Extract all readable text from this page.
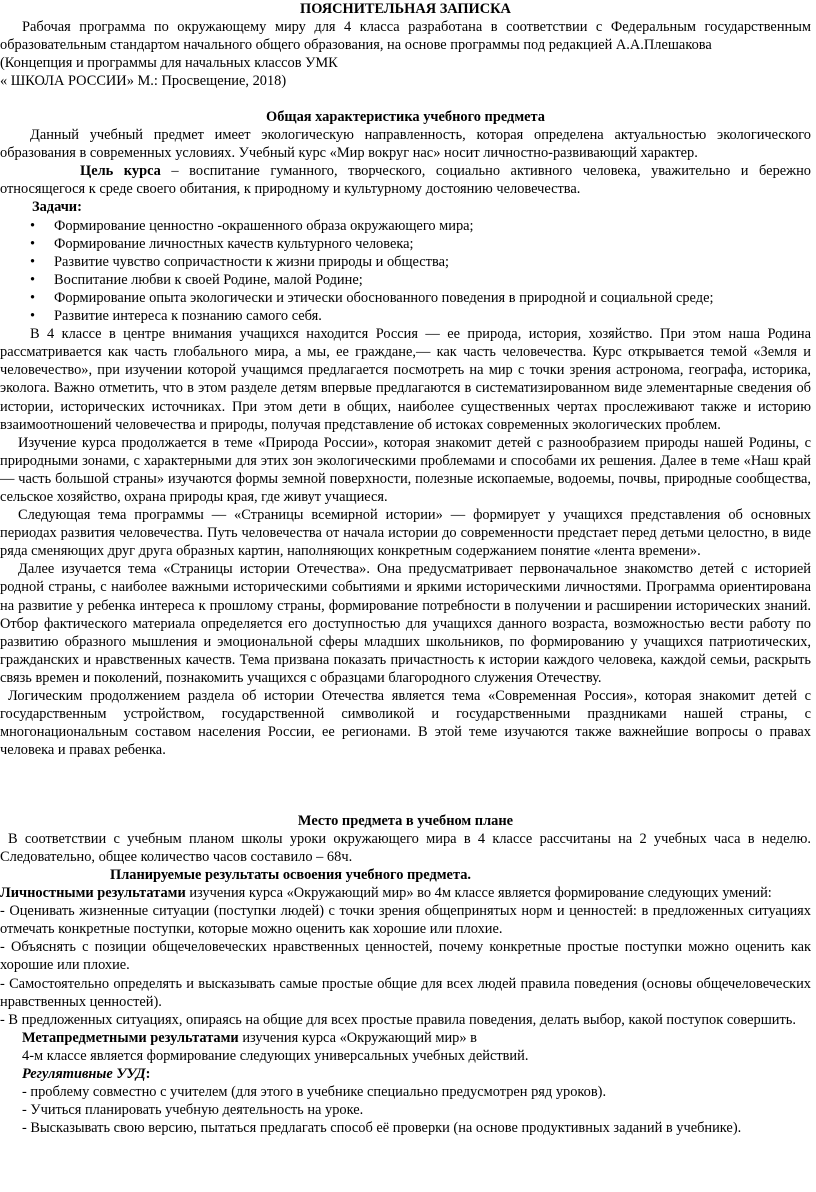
ПОЯСНИТЕЛЬНАЯ ЗАПИСКА

Рабочая программа по окружающему миру для 4 класса разработана в соответствии с Федеральным государственным образовательным стандартом начального общего образования, на основе программы под редакцией А.А.Плешакова

(Концепция и программы для начальных классов УМК

« ШКОЛА РОССИИ» М.: Просвещение, 2018)

Общая характеристика учебного предмета

Данный учебный предмет имеет экологическую направленность, которая определена актуальностью экологического образования в современных условиях. Учебный курс «Мир вокруг нас» носит личностно-развивающий характер.

Цель курса – воспитание гуманного, творческого, социально активного человека, уважительно и бережно относящегося к среде своего обитания, к природному и культурному достоянию человечества.

Задачи:

• Формирование ценностно -окрашенного образа окружающего мира;
• Формирование личностных качеств культурного человека;
• Развитие чувство сопричастности к жизни природы и общества;
• Воспитание любви к своей Родине, малой Родине;
• Формирование опыта экологически и этически обоснованного поведения в природной и социальной среде;
• Развитие интереса к познанию самого себя.

В 4 классе в центре внимания учащихся находится Россия — ее природа, история, хозяйство. При этом наша Родина рассматривается как часть глобального мира, а мы, ее граждане,— как часть человечества. Курс открывается темой «Земля и человечество», при изучении которой учащимся предлагается посмотреть на мир с точки зрения астронома, географа, историка, эколога. Важно отметить, что в этом разделе детям впервые предлагаются в систематизированном виде элементарные сведения об истории, исторических источниках. При этом дети в общих, наиболее существенных чертах прослеживают также и историю взаимоотношений человечества и природы, получая представление об истоках современных экологических проблем.

Изучение курса продолжается в теме «Природа России», которая знакомит детей с разнообразием природы нашей Родины, с природными зонами, с характерными для этих зон экологическими проблемами и способами их решения. Далее в теме «Наш край — часть большой страны» изучаются формы земной поверхности, полезные ископаемые, водоемы, почвы, природные сообщества, сельское хозяйство, охрана природы края, где живут учащиеся.

Следующая тема программы — «Страницы всемирной истории» — формирует у учащихся представления об основных периодах развития человечества. Путь человечества от начала истории до современности предстает перед детьми целостно, в виде ряда сменяющих друг друга образных картин, наполняющих конкретным содержанием понятие «лента времени».

Далее изучается тема «Страницы истории Отечества». Она предусматривает первоначальное знакомство детей с историей родной страны, с наиболее важными историческими событиями и яркими историческими личностями. Программа ориентирована на развитие у ребенка интереса к прошлому страны, формирование потребности в получении и расширении исторических знаний. Отбор фактического материала определяется его доступностью для учащихся данного возраста, возможностью вести работу по развитию образного мышления и эмоциональной сферы младших школьников, по формированию у учащихся патриотических, гражданских и нравственных качеств. Тема призвана показать причастность к истории каждого человека, каждой семьи, раскрыть связь времен и поколений, познакомить учащихся с образцами благородного служения Отечеству.

Логическим продолжением раздела об истории Отечества является тема «Современная Россия», которая знакомит детей с государственным устройством, государственной символикой и государственными праздниками нашей страны, с многонациональным составом населения России, ее регионами. В этой теме изучаются также важнейшие вопросы о правах человека и правах ребенка.

Место предмета в учебном плане

В соответствии с учебным планом школы уроки окружающего мира в 4 классе рассчитаны на 2 учебных часа в неделю. Следовательно, общее количество часов составило – 68ч.

Планируемые результаты освоения учебного предмета.

Личностными результатами изучения курса «Окружающий мир» во 4м классе является формирование следующих умений:

- Оценивать жизненные ситуации (поступки людей) с точки зрения общепринятых норм и ценностей: в предложенных ситуациях отмечать конкретные поступки, которые можно оценить как хорошие или плохие.

- Объяснять с позиции общечеловеческих нравственных ценностей, почему конкретные простые поступки можно оценить как хорошие или плохие.

- Самостоятельно определять и высказывать самые простые общие для всех людей правила поведения (основы общечеловеческих нравственных ценностей).

- В предложенных ситуациях, опираясь на общие для всех простые правила поведения, делать выбор, какой поступок совершить.

Метапредметными результатами изучения курса «Окружающий мир» в

4-м классе является формирование следующих универсальных учебных действий.

Регулятивные УУД:

- проблему совместно с учителем (для этого в учебнике специально предусмотрен ряд уроков).

- Учиться планировать учебную деятельность на уроке.

- Высказывать свою версию, пытаться предлагать способ её проверки (на основе продуктивных заданий в учебнике).
